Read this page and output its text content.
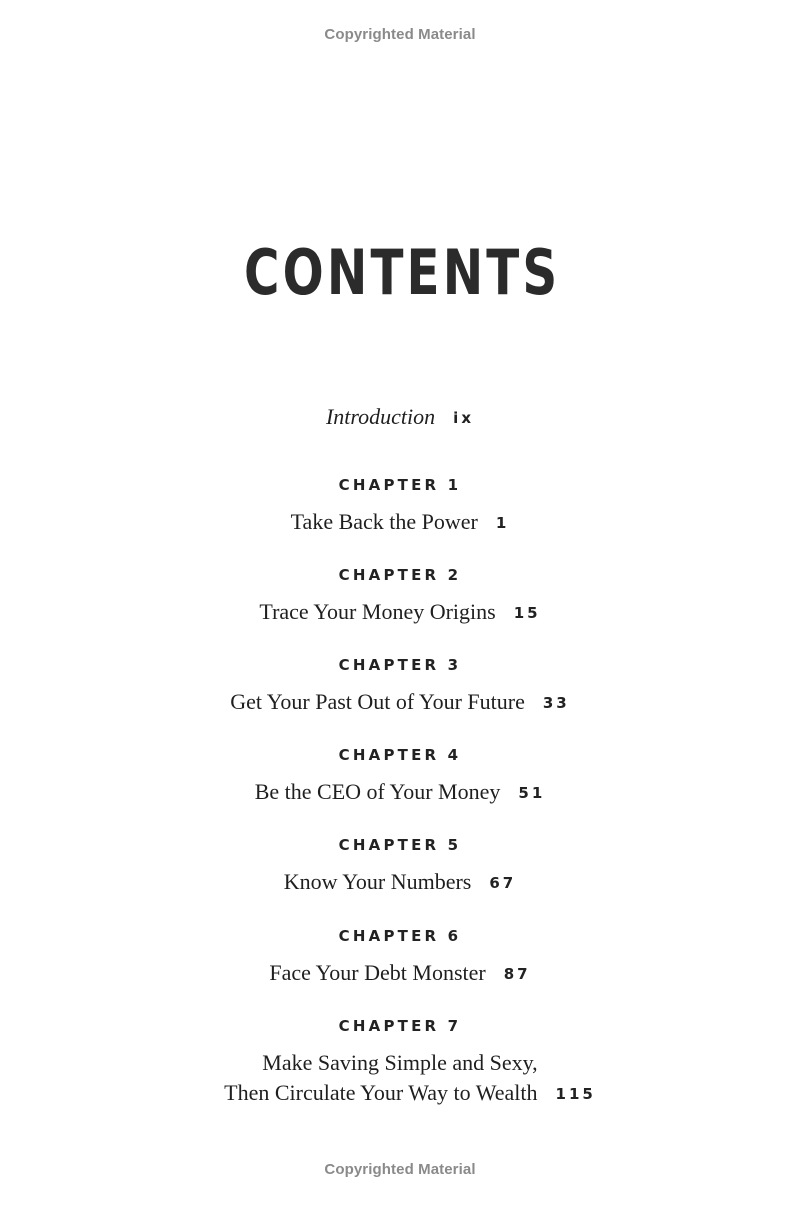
Copyrighted Material
CONTENTS
Introduction ix
CHAPTER 1
Take Back the Power 1
CHAPTER 2
Trace Your Money Origins 15
CHAPTER 3
Get Your Past Out of Your Future 33
CHAPTER 4
Be the CEO of Your Money 51
CHAPTER 5
Know Your Numbers 67
CHAPTER 6
Face Your Debt Monster 87
CHAPTER 7
Make Saving Simple and Sexy,
Then Circulate Your Way to Wealth 115
Copyrighted Material
